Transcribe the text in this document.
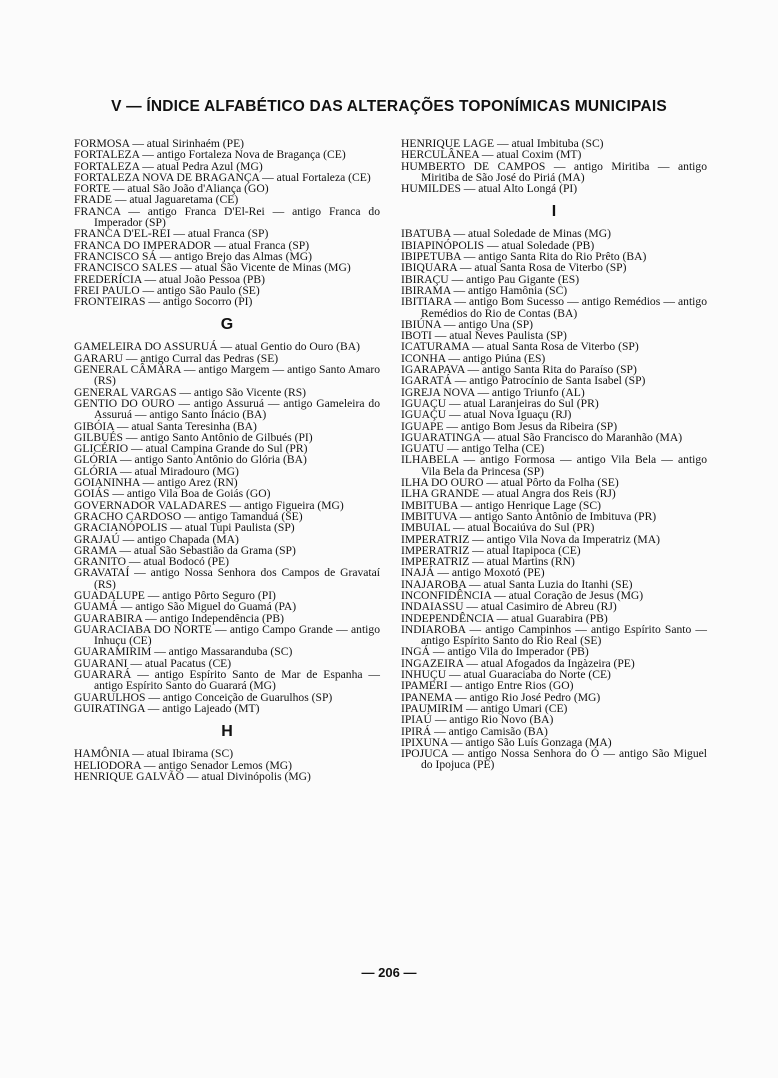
V — ÍNDICE ALFABÉTICO DAS ALTERAÇÕES TOPONÍMICAS MUNICIPAIS
FORMOSA — atual Sirinhaém (PE)
FORTALEZA — antigo Fortaleza Nova de Bragança (CE)
FORTALEZA — atual Pedra Azul (MG)
FORTALEZA NOVA DE BRAGANÇA — atual Fortaleza (CE)
FORTE — atual São João d'Aliança (GO)
FRADE — atual Jaguaretama (CE)
FRANCA — antigo Franca D'El-Rei — antigo Franca do Imperador (SP)
FRANCA D'EL-REI — atual Franca (SP)
FRANCA DO IMPERADOR — atual Franca (SP)
FRANCISCO SÁ — antigo Brejo das Almas (MG)
FRANCISCO SALES — atual São Vicente de Minas (MG)
FREDERÍCIA — atual João Pessoa (PB)
FREI PAULO — antigo São Paulo (SE)
FRONTEIRAS — antigo Socorro (PI)
G
GAMELEIRA DO ASSURUÁ — atual Gentio do Ouro (BA)
GARARU — antigo Curral das Pedras (SE)
GENERAL CÂMARA — antigo Margem — antigo Santo Amaro (RS)
GENERAL VARGAS — antigo São Vicente (RS)
GENTIO DO OURO — antigo Assuruá — antigo Gameleira do Assuruá — antigo Santo Inácio (BA)
GIBÓIA — atual Santa Teresinha (BA)
GILBUÉS — antigo Santo Antônio de Gilbués (PI)
GLICÉRIO — atual Campina Grande do Sul (PR)
GLÓRIA — antigo Santo Antônio do Glória (BA)
GLÓRIA — atual Miradouro (MG)
GOIANINHA — antigo Arez (RN)
GOIÁS — antigo Vila Boa de Goiás (GO)
GOVERNADOR VALADARES — antigo Figueira (MG)
GRACHO CARDOSO — antigo Tamanduá (SE)
GRACIANÓPOLIS — atual Tupi Paulista (SP)
GRAJAÚ — antigo Chapada (MA)
GRAMA — atual São Sebastião da Grama (SP)
GRANITO — atual Bodocó (PE)
GRAVATAÍ — antigo Nossa Senhora dos Campos de Gravataí (RS)
GUADALUPE — antigo Pôrto Seguro (PI)
GUAMÁ — antigo São Miguel do Guamá (PA)
GUARABIRA — antigo Independência (PB)
GUARACIABA DO NORTE — antigo Campo Grande — antigo Inhuçu (CE)
GUARAMIRIM — antigo Massaranduba (SC)
GUARANI — atual Pacatus (CE)
GUARARÁ — antigo Espírito Santo de Mar de Espanha — antigo Espírito Santo do Guarará (MG)
GUARULHOS — antigo Conceição de Guarulhos (SP)
GUIRATINGA — antigo Lajeado (MT)
H
HAMÔNIA — atual Ibirama (SC)
HELIODORA — antigo Senador Lemos (MG)
HENRIQUE GALVÃO — atual Divinópolis (MG)
HENRIQUE LAGE — atual Imbituba (SC)
HERCULÂNEA — atual Coxim (MT)
HUMBERTO DE CAMPOS — antigo Miritiba — antigo Miritiba de São José do Piriá (MA)
HUMILDES — atual Alto Longá (PI)
I
IBATUBA — atual Soledade de Minas (MG)
IBIAPINÓPOLIS — atual Soledade (PB)
IBIPETUBA — antigo Santa Rita do Rio Prêto (BA)
IBIQUARA — atual Santa Rosa de Viterbo (SP)
IBIRAÇU — antigo Pau Gigante (ES)
IBIRAMA — antigo Hamônia (SC)
IBITIARA — antigo Bom Sucesso — antigo Remédios — antigo Remédios do Rio de Contas (BA)
IBIÚNA — antigo Una (SP)
IBOTI — atual Neves Paulista (SP)
ICATURAMA — atual Santa Rosa de Viterbo (SP)
ICONHA — antigo Piúna (ES)
IGARAPAVA — antigo Santa Rita do Paraíso (SP)
IGARATÁ — antigo Patrocínio de Santa Isabel (SP)
IGREJA NOVA — antigo Triunfo (AL)
IGUAÇU — atual Laranjeiras do Sul (PR)
IGUAÇU — atual Nova Iguaçu (RJ)
IGUAPE — antigo Bom Jesus da Ribeira (SP)
IGUARATINGA — atual São Francisco do Maranhão (MA)
IGUATU — antigo Telha (CE)
ILHABELA — antigo Formosa — antigo Vila Bela — antigo Vila Bela da Princesa (SP)
ILHA DO OURO — atual Pôrto da Folha (SE)
ILHA GRANDE — atual Angra dos Reis (RJ)
IMBITUBA — antigo Henrique Lage (SC)
IMBITUVA — antigo Santo Antônio de Imbituva (PR)
IMBUIAL — atual Bocaiúva do Sul (PR)
IMPERATRIZ — antigo Vila Nova da Imperatriz (MA)
IMPERATRIZ — atual Itapipoca (CE)
IMPERATRIZ — atual Martins (RN)
INAJÁ — antigo Moxotó (PE)
INAJAROBA — atual Santa Luzia do Itanhi (SE)
INCONFIDÊNCIA — atual Coração de Jesus (MG)
INDAIASSU — atual Casimiro de Abreu (RJ)
INDEPENDÊNCIA — atual Guarabira (PB)
INDIAROBA — antigo Campinhos — antigo Espírito Santo — antigo Espírito Santo do Rio Real (SE)
INGÁ — antigo Vila do Imperador (PB)
INGAZEIRA — atual Afogados da Ingàzeira (PE)
INHUÇU — atual Guaraciaba do Norte (CE)
IPAMERI — antigo Entre Rios (GO)
IPANEMA — antigo Rio José Pedro (MG)
IPAUMIRIM — antigo Umari (CE)
IPIAÚ — antigo Rio Novo (BA)
IPIRÁ — antigo Camisão (BA)
IPIXUNA — antigo São Luís Gonzaga (MA)
IPOJUCA — antigo Nossa Senhora do Ó — antigo São Miguel do Ipojuca (PE)
— 206 —
